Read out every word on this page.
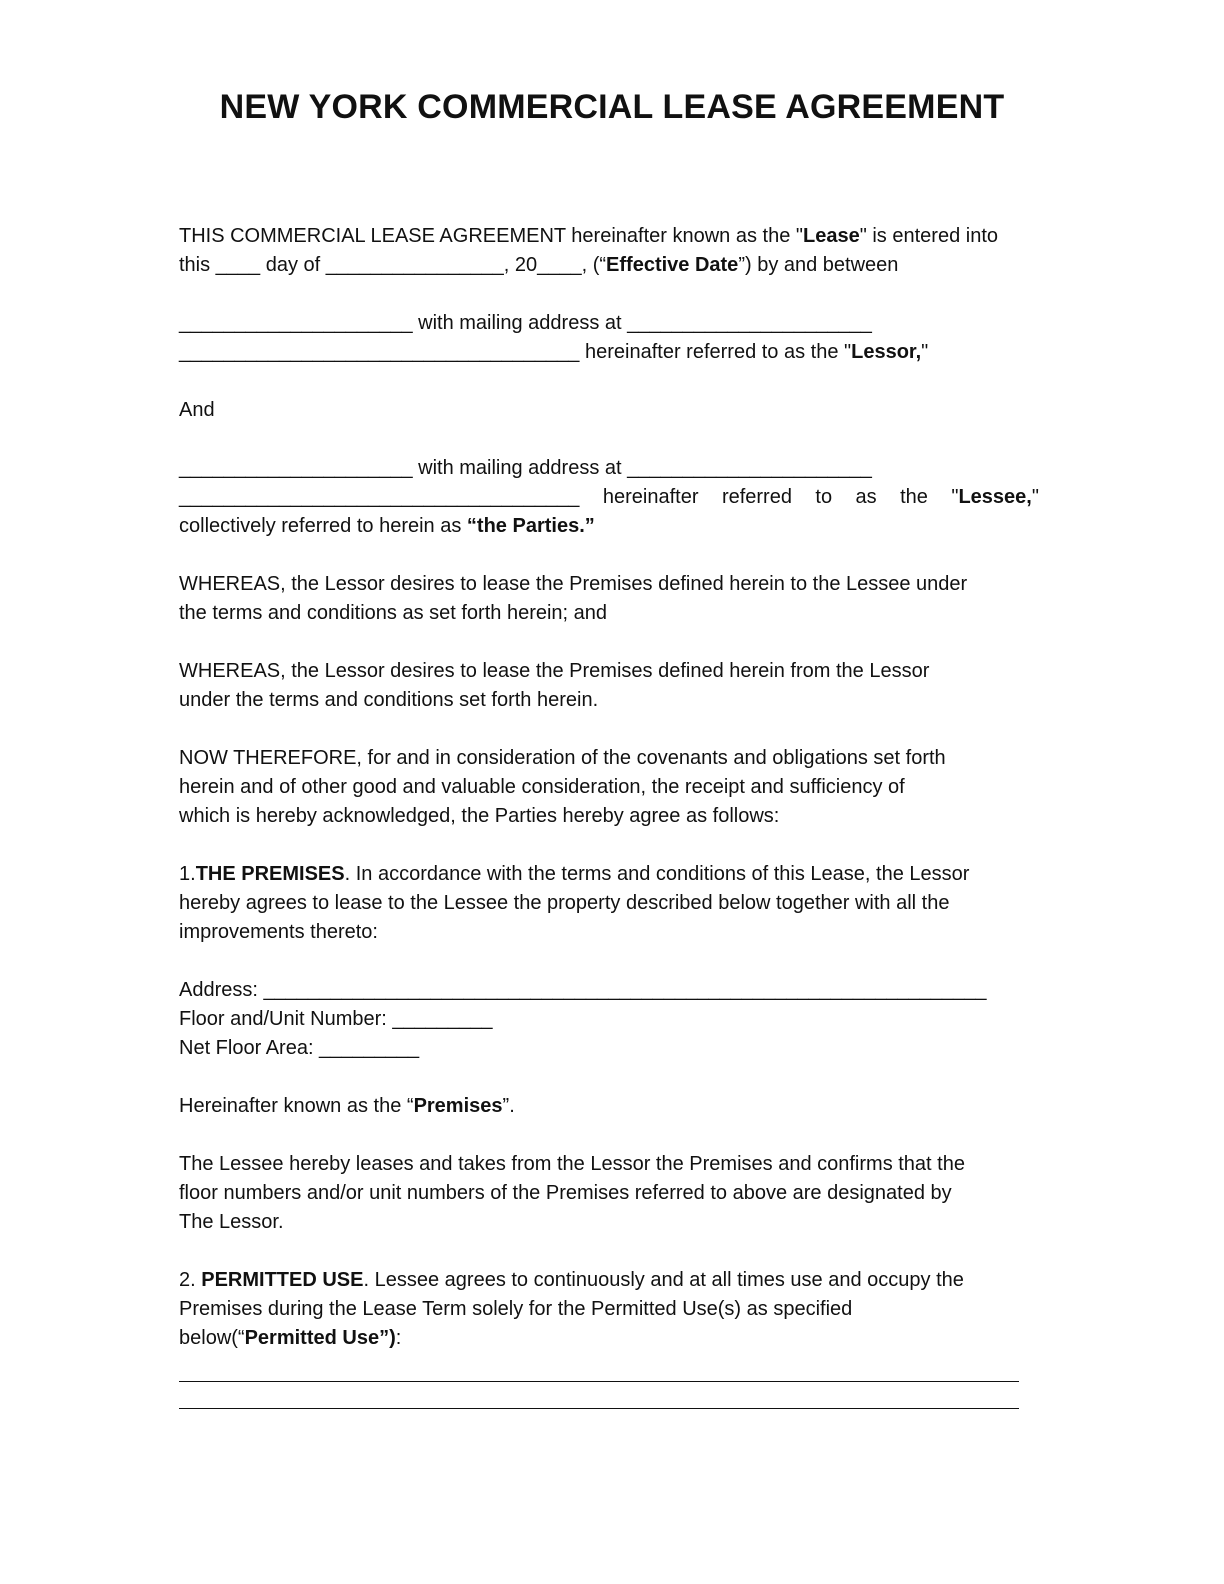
NEW YORK COMMERCIAL LEASE AGREEMENT
THIS COMMERCIAL LEASE AGREEMENT hereinafter known as the "Lease" is entered into
this ____ day of ________________, 20____, (“Effective Date”) by and between
_____________________ with mailing address at ______________________
____________________________________ hereinafter referred to as the "Lessor,"
And
_____________________ with mailing address at ______________________
____________________________________ hereinafter referred to as the "Lessee,"
collectively referred to herein as “the Parties.”
WHEREAS, the Lessor desires to lease the Premises defined herein to the Lessee under
the terms and conditions as set forth herein; and
WHEREAS, the Lessor desires to lease the Premises defined herein from the Lessor
under the terms and conditions set forth herein.
NOW THEREFORE, for and in consideration of the covenants and obligations set forth
herein and of other good and valuable consideration, the receipt and sufficiency of
which is hereby acknowledged, the Parties hereby agree as follows:
1.THE PREMISES. In accordance with the terms and conditions of this Lease, the Lessor
hereby agrees to lease to the Lessee the property described below together with all the
improvements thereto:
Address: _________________________________________________________________
Floor and/Unit Number: _________
Net Floor Area: _________
Hereinafter known as the “Premises”.
The Lessee hereby leases and takes from the Lessor the Premises and confirms that the
floor numbers and/or unit numbers of the Premises referred to above are designated by
The Lessor.
2. PERMITTED USE. Lessee agrees to continuously and at all times use and occupy the
Premises during the Lease Term solely for the Permitted Use(s) as specified
below(“Permitted Use”):
